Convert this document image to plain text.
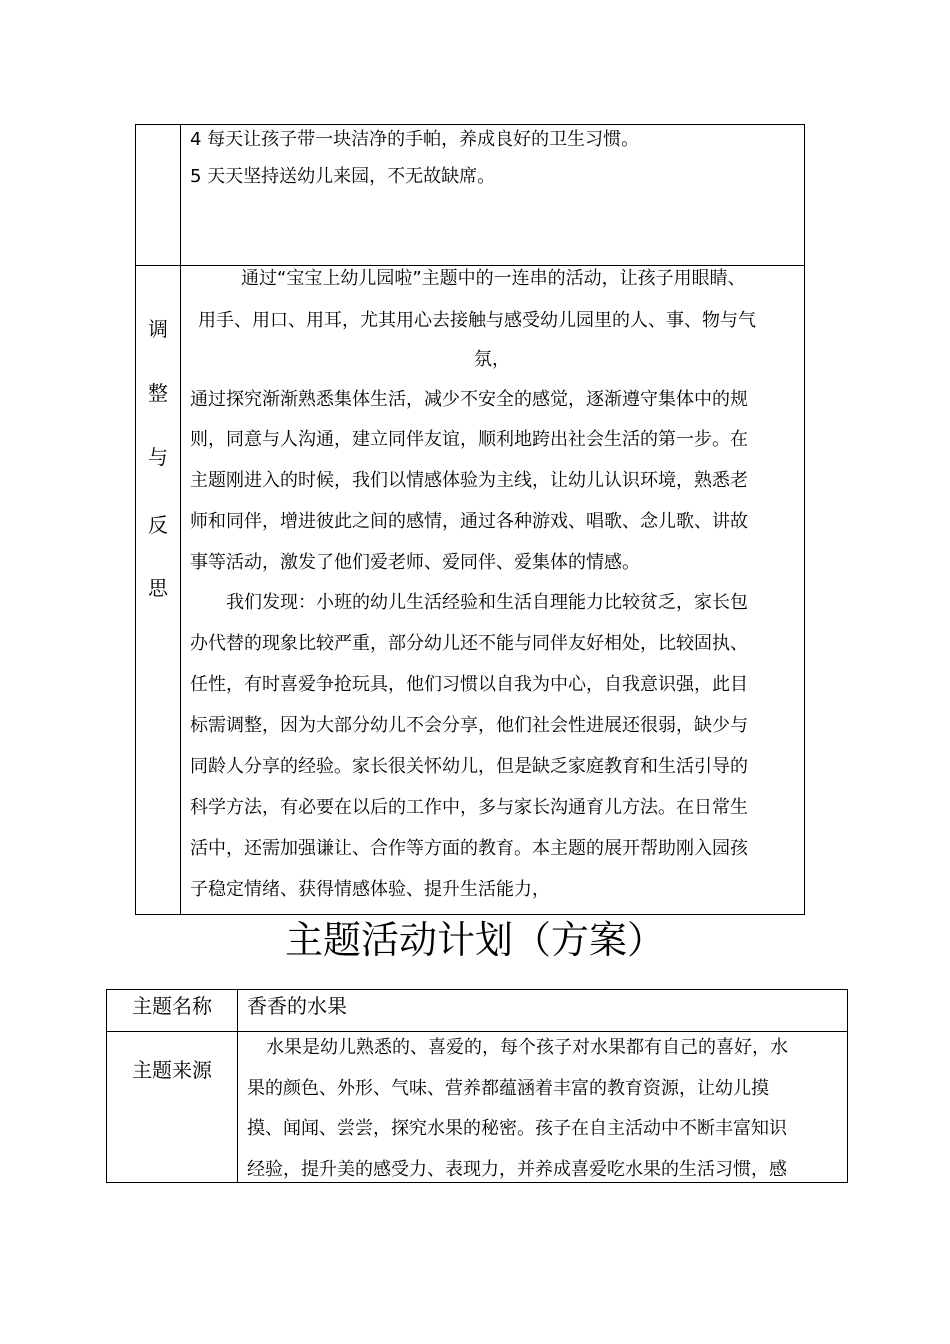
4 每天让孩子带一块洁净的手帕，养成良好的卫生习惯。
5 天天坚持送幼儿来园，不无故缺席。
调
整
与
反
思
通过“宝宝上幼儿园啦”主题中的一连串的活动，让孩子用眼睛、
用手、用口、用耳，尤其用心去接触与感受幼儿园里的人、事、物与气
氛，
通过探究渐渐熟悉集体生活，减少不安全的感觉，逐渐遵守集体中的规
则，同意与人沟通，建立同伴友谊，顺利地跨出社会生活的第一步。在
主题刚进入的时候，我们以情感体验为主线，让幼儿认识环境，熟悉老
师和同伴，增进彼此之间的感情，通过各种游戏、唱歌、念儿歌、讲故
事等活动，激发了他们爱老师、爱同伴、爱集体的情感。
我们发现：小班的幼儿生活经验和生活自理能力比较贫乏，家长包
办代替的现象比较严重，部分幼儿还不能与同伴友好相处，比较固执、
任性，有时喜爱争抢玩具，他们习惯以自我为中心，自我意识强，此目
标需调整，因为大部分幼儿不会分享，他们社会性进展还很弱，缺少与
同龄人分享的经验。家长很关怀幼儿，但是缺乏家庭教育和生活引导的
科学方法，有必要在以后的工作中，多与家长沟通育儿方法。在日常生
活中，还需加强谦让、合作等方面的教育。本主题的展开帮助刚入园孩
子稳定情绪、获得情感体验、提升生活能力，
主题活动计划（方案）
主题名称	香香的水果
主题来源
水果是幼儿熟悉的、喜爱的，每个孩子对水果都有自己的喜好，水
果的颜色、外形、气味、营养都蕴涵着丰富的教育资源，让幼儿摸
摸、闻闻、尝尝，探究水果的秘密。孩子在自主活动中不断丰富知识
经验，提升美的感受力、表现力，并养成喜爱吃水果的生活习惯，感
